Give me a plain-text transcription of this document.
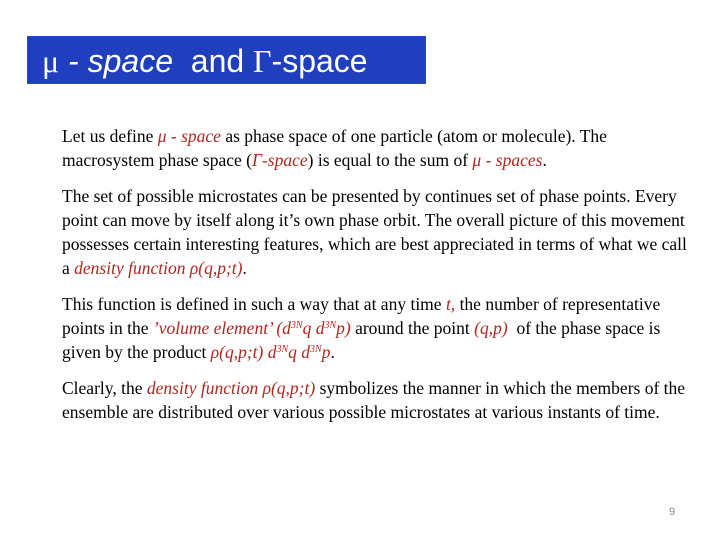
μ - space  and Γ-space

Let us define μ - space as phase space of one particle (atom or molecule). The macrosystem phase space (Γ-space) is equal to the sum of μ - spaces.

The set of possible microstates can be presented by continues set of phase points. Every point can move by itself along it’s own phase orbit. The overall picture of this movement possesses certain interesting features, which are best appreciated in terms of what we call a density function ρ(q,p;t).

This function is defined in such a way that at any time t, the number of representative points in the ’volume element’ ($d^{3N}q$ $d^{3N}p$) around the point (q,p)  of the phase space is given by the product ρ(q,p;t) $d^{3N}q$ $d^{3N}p$.

Clearly, the density function ρ(q,p;t) symbolizes the manner in which the members of the ensemble are distributed over various possible microstates at various instants of time.

9
